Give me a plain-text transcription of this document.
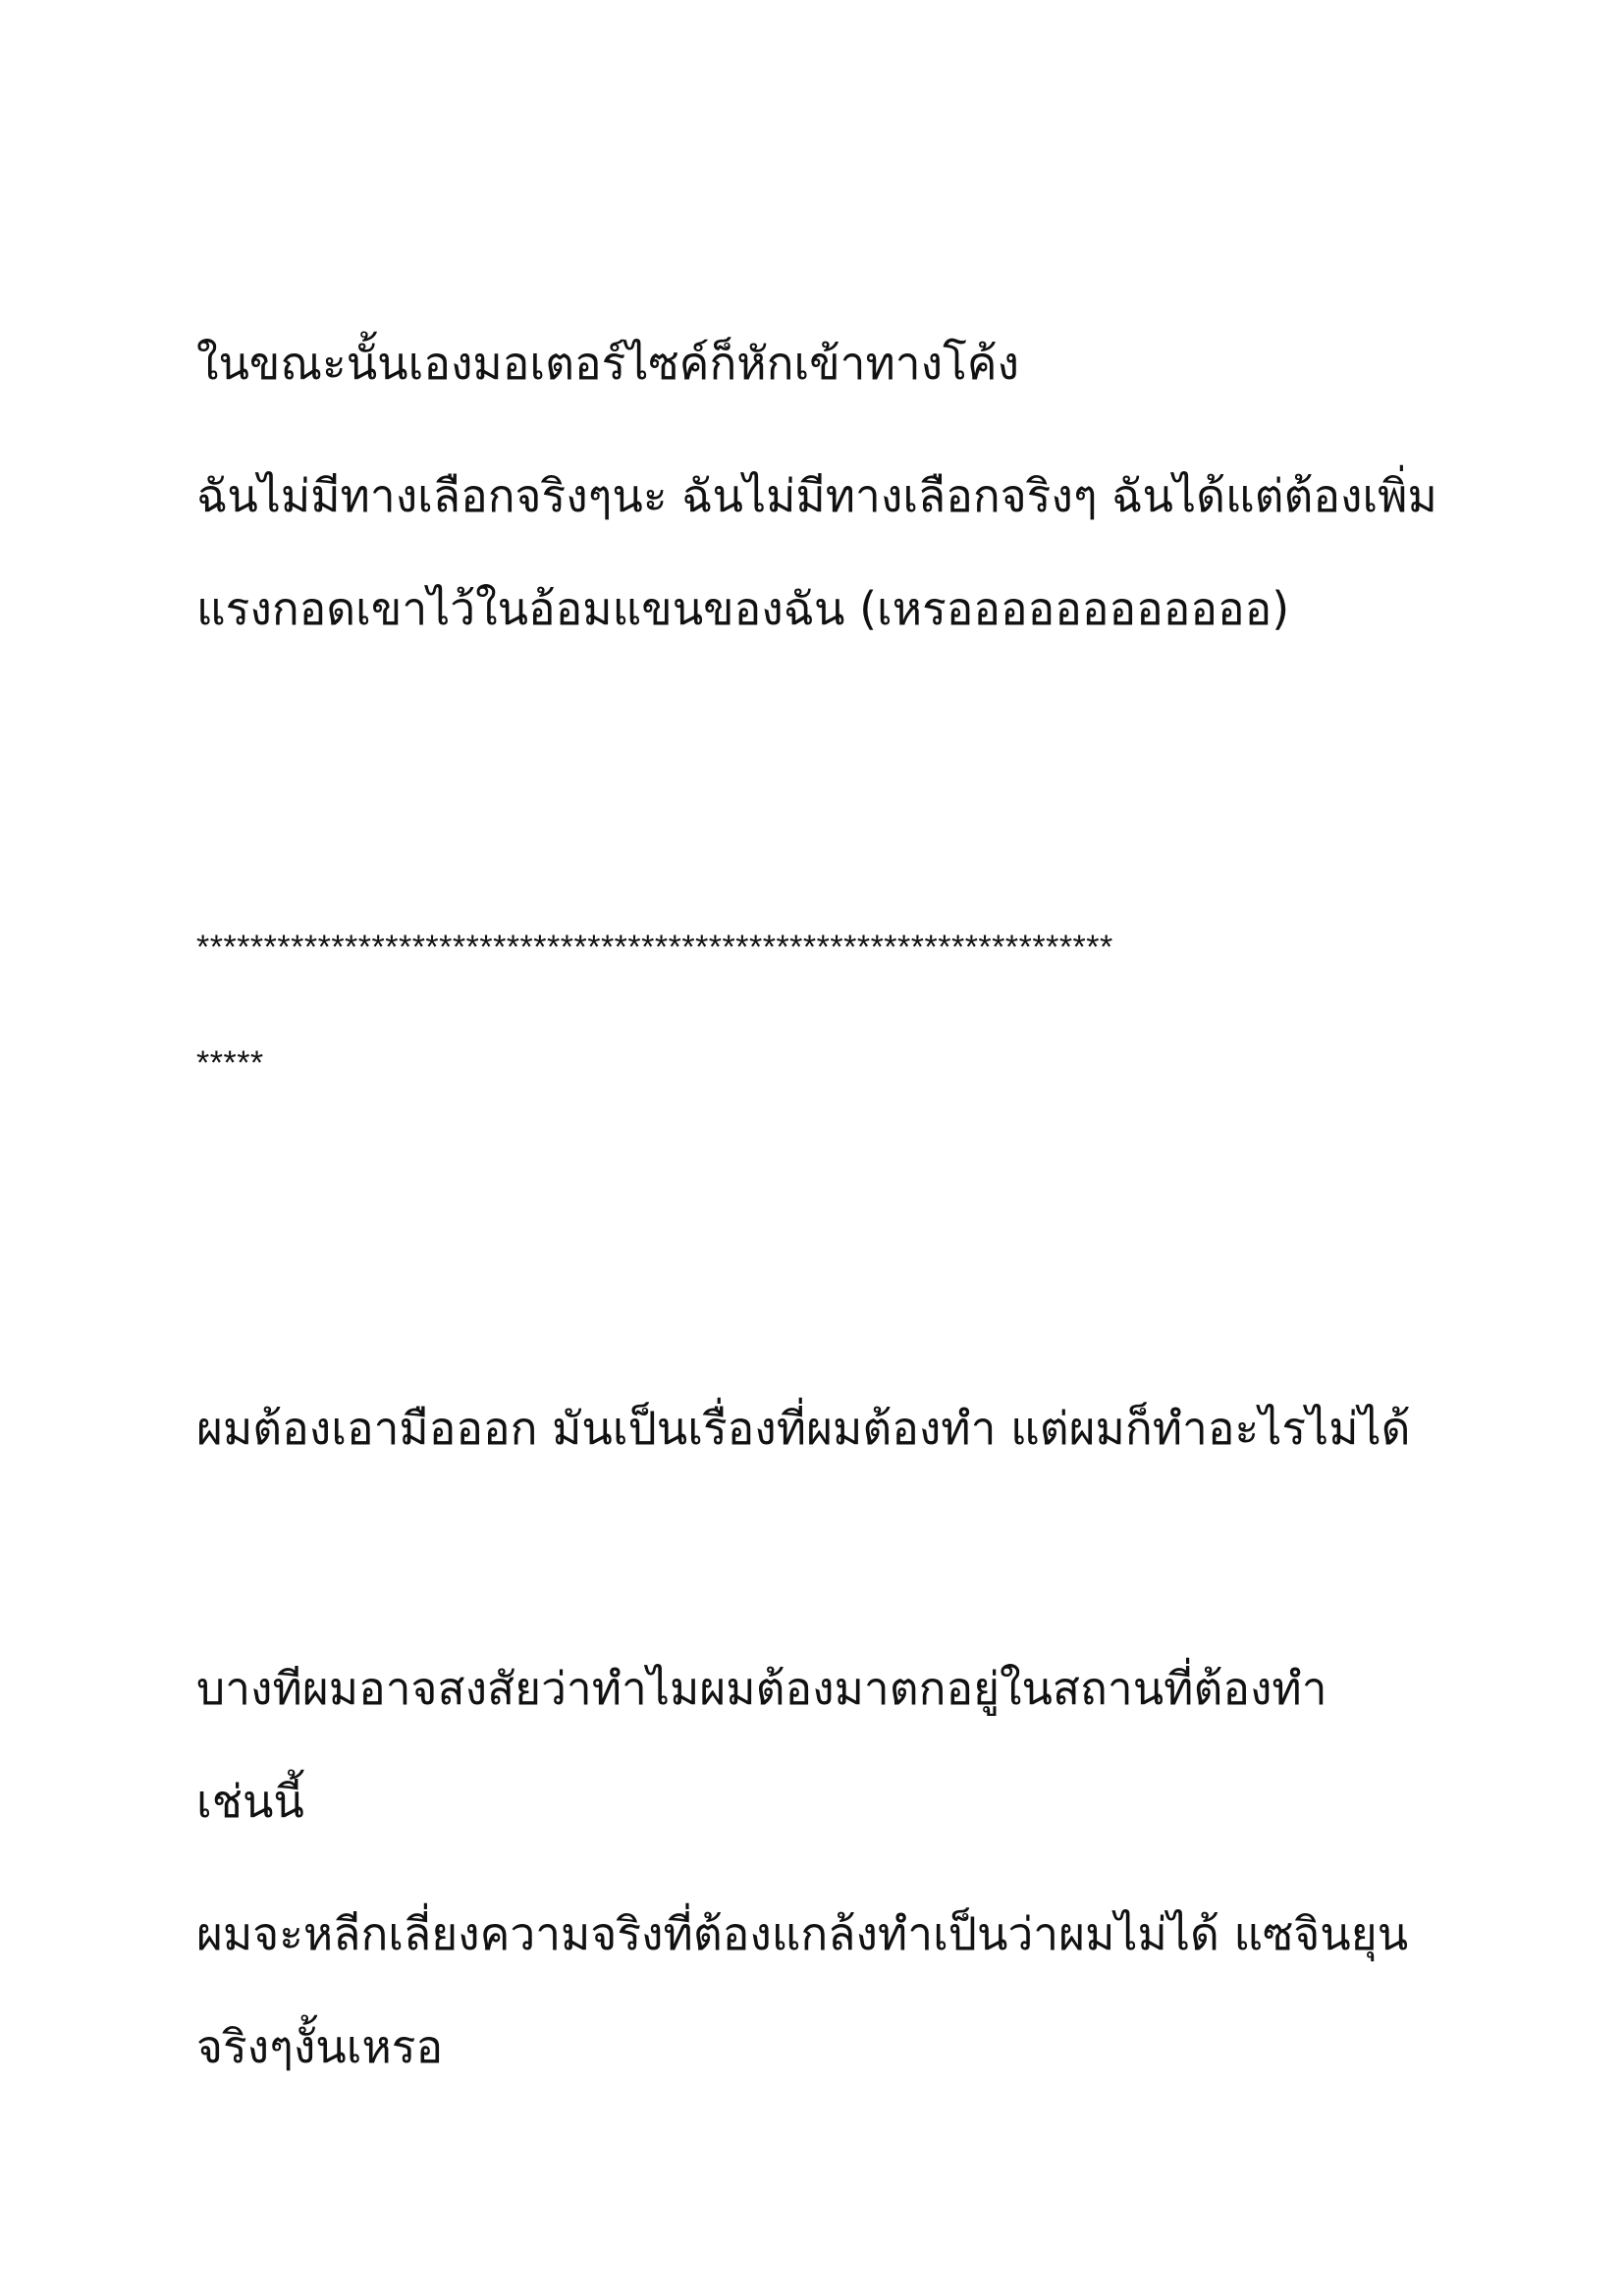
ในขณะนั้นเองมอเตอร์ไซค์ก็หักเข้าทางโค้ง

ฉันไม่มีทางเลือกจริงๆนะ ฉันไม่มีทางเลือกจริงๆ ฉันได้แต่ต้องเพิ่ม

แรงกอดเขาไว้ในอ้อมแขนของฉัน (เหรออออออออออออ)

********************************************************************

*****

ผมต้องเอามือออก มันเป็นเรื่องที่ผมต้องทำ แต่ผมก็ทำอะไรไม่ได้

บางทีผมอาจสงสัยว่าทำไมผมต้องมาตกอยู่ในสถานที่ต้องทำ

เช่นนี้

ผมจะหลีกเลี่ยงความจริงที่ต้องแกล้งทำเป็นว่าผมไม่ได้ แซจินยุน

จริงๆงั้นเหรอ
